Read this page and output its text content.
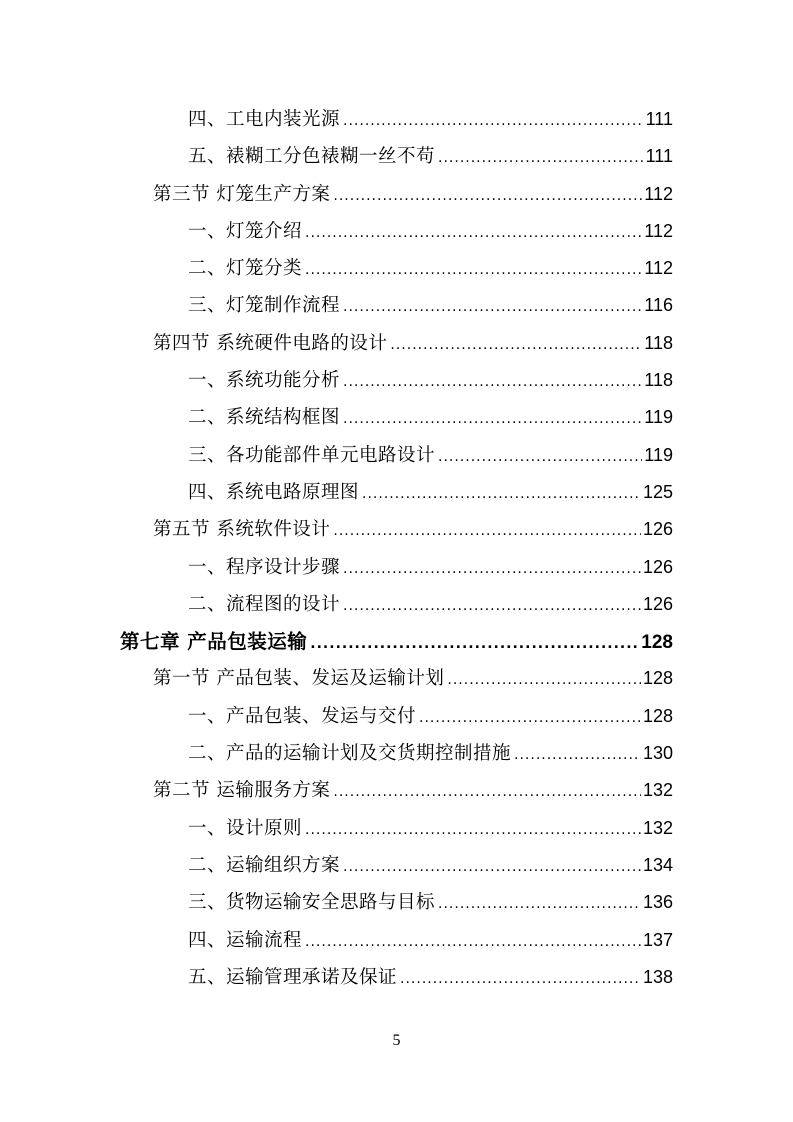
四、工电内装光源 .....	111
五、裱糊工分色裱糊一丝不苟 .....	111
第三节 灯笼生产方案 .....	112
一、灯笼介绍 .....	112
二、灯笼分类 .....	112
三、灯笼制作流程 .....	116
第四节 系统硬件电路的设计 .....	118
一、系统功能分析 .....	118
二、系统结构框图 .....	119
三、各功能部件单元电路设计 .....	119
四、系统电路原理图 .....	125
第五节 系统软件设计 .....	126
一、程序设计步骤 .....	126
二、流程图的设计 .....	126
第七章 产品包装运输 .....	128
第一节 产品包装、发运及运输计划 .....	128
一、产品包装、发运与交付 .....	128
二、产品的运输计划及交货期控制措施 .....	130
第二节 运输服务方案 .....	132
一、设计原则 .....	132
二、运输组织方案 .....	134
三、货物运输安全思路与目标 .....	136
四、运输流程 .....	137
五、运输管理承诺及保证 .....	138
5
